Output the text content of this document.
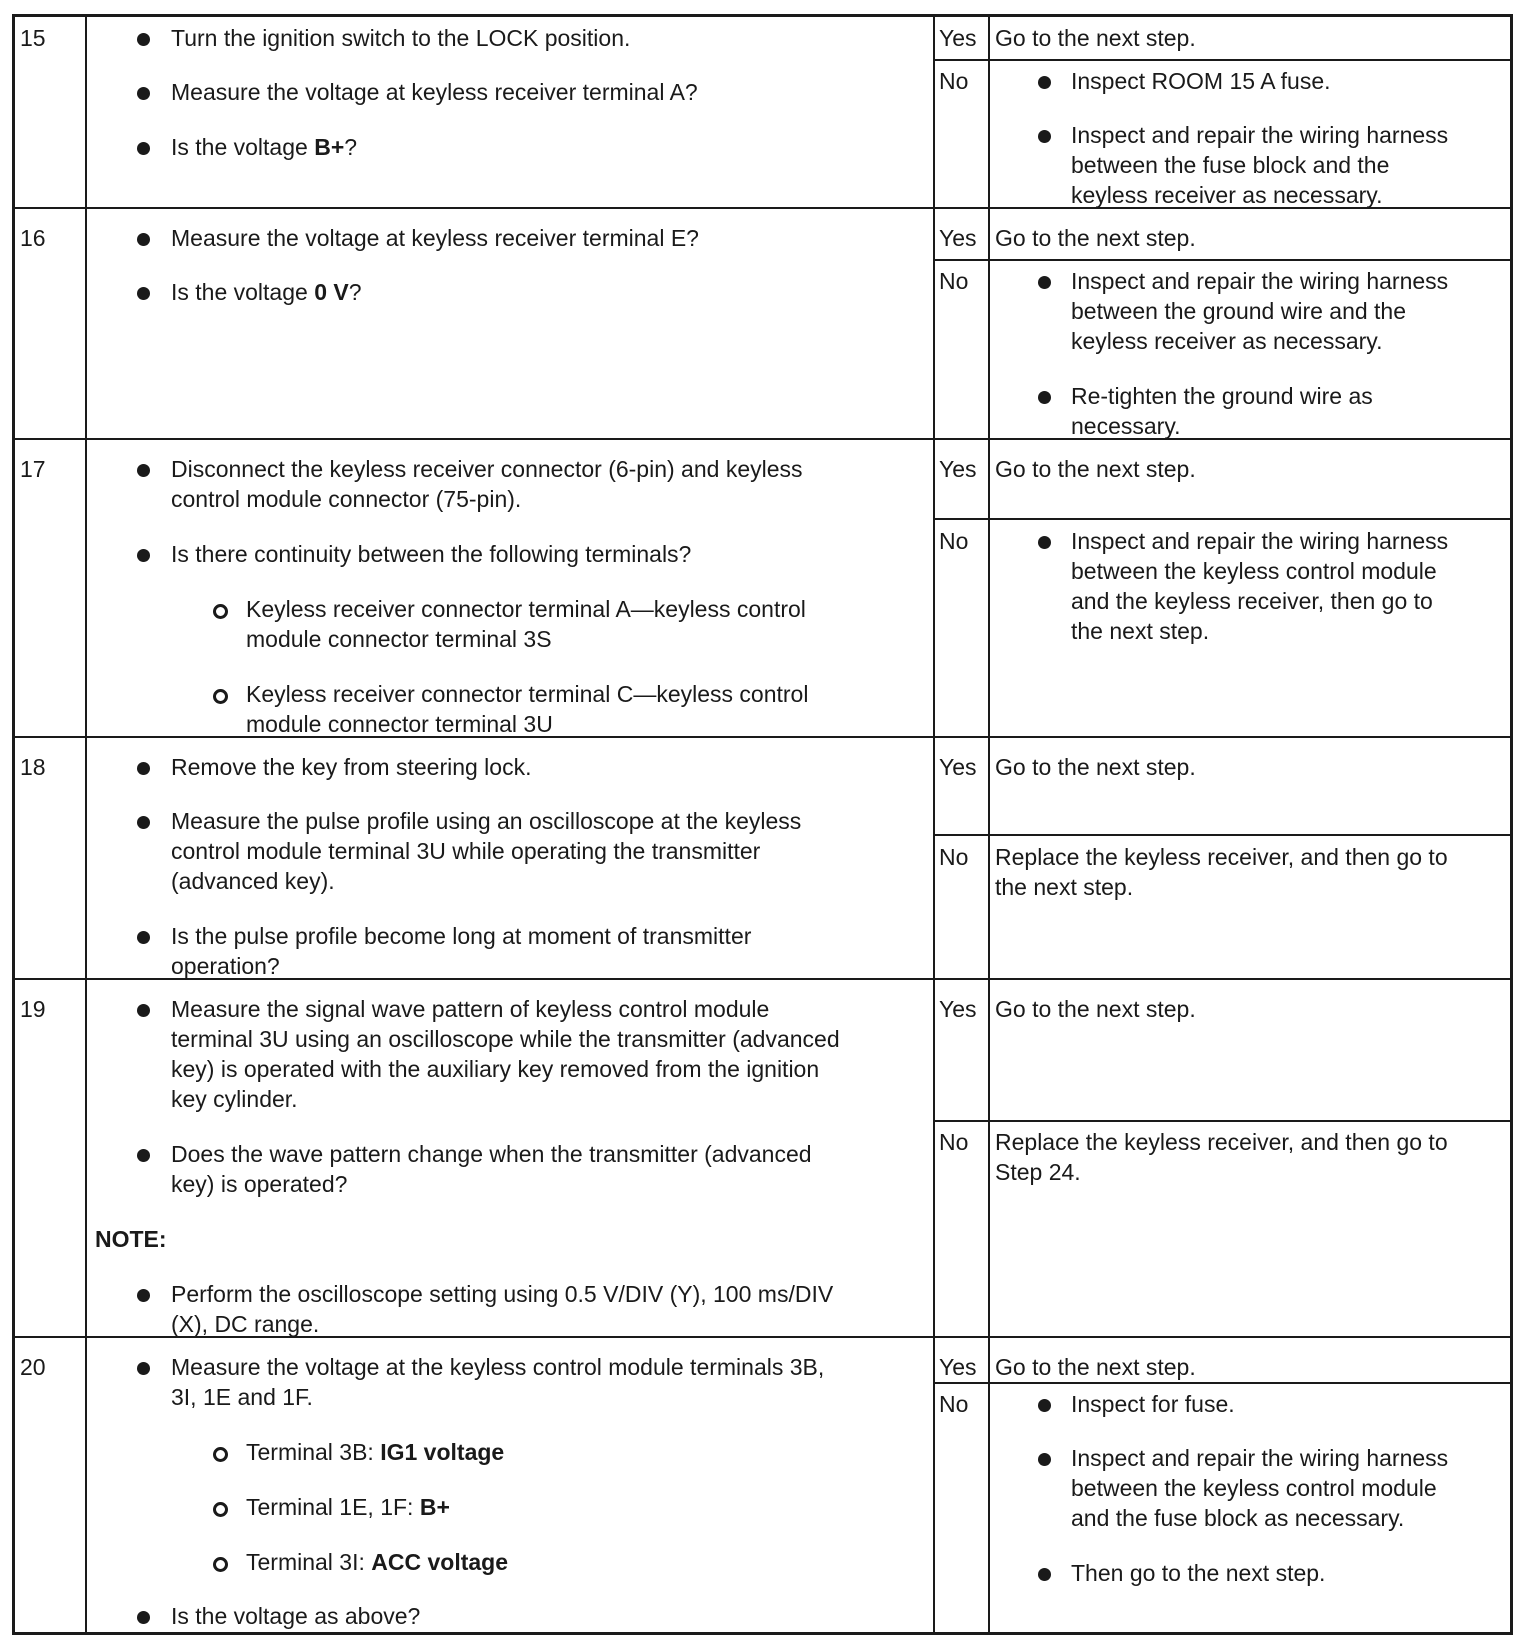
15	Turn the ignition switch to the LOCK position.
Measure the voltage at keyless receiver terminal A?
Is the voltage B+?
Yes Go to the next step.
No	Inspect ROOM 15 A fuse.
Inspect and repair the wiring harness
between the fuse block and the
keyless receiver as necessary.
16	Measure the voltage at keyless receiver terminal E?
Is the voltage 0 V?
Yes Go to the next step.
No	Inspect and repair the wiring harness
between the ground wire and the
keyless receiver as necessary.
Re-tighten the ground wire as
necessary.
17	Disconnect the keyless receiver connector (6-pin) and keyless
control module connector (75-pin).
Is there continuity between the following terminals?
Keyless receiver connector terminal A—keyless control
module connector terminal 3S
Keyless receiver connector terminal C—keyless control
module connector terminal 3U
Yes Go to the next step.
No	Inspect and repair the wiring harness
between the keyless control module
and the keyless receiver, then go to
the next step.
18	Remove the key from steering lock.
Measure the pulse profile using an oscilloscope at the keyless
control module terminal 3U while operating the transmitter
(advanced key).
Is the pulse profile become long at moment of transmitter
operation?
Yes Go to the next step.
No Replace the keyless receiver, and then go to
the next step.
19	Measure the signal wave pattern of keyless control module
terminal 3U using an oscilloscope while the transmitter (advanced
key) is operated with the auxiliary key removed from the ignition
key cylinder.
Does the wave pattern change when the transmitter (advanced
key) is operated?
NOTE:
Perform the oscilloscope setting using 0.5 V/DIV (Y), 100 ms/DIV
(X), DC range.
Yes Go to the next step.
No Replace the keyless receiver, and then go to
Step 24.
20	Measure the voltage at the keyless control module terminals 3B,
3I, 1E and 1F.
Terminal 3B: IG1 voltage
Terminal 1E, 1F: B+
Terminal 3I: ACC voltage
Is the voltage as above?
Yes Go to the next step.
No	Inspect for fuse.
Inspect and repair the wiring harness
between the keyless control module
and the fuse block as necessary.
Then go to the next step.
